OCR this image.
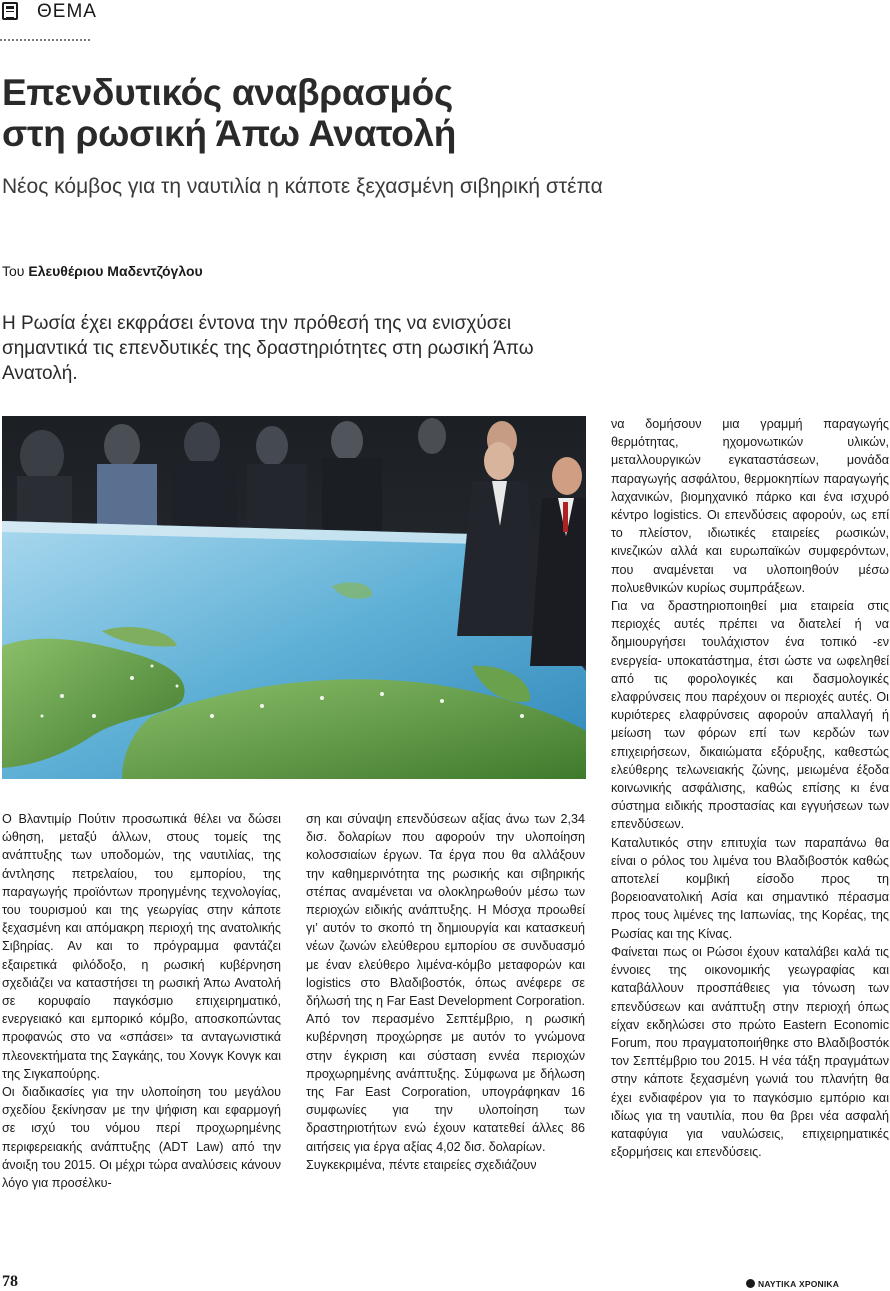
ΘΕΜΑ
Επενδυτικός αναβρασμός
στη ρωσική Άπω Ανατολή

Νέος κόμβος για τη ναυτιλία η κάποτε ξεχασμένη σιβηρική στέπα

Του Ελευθέριου Μαδεντζόγλου

Η Ρωσία έχει εκφράσει έντονα την πρόθεσή της να ενισχύσει σημαντικά τις επενδυτικές της δραστηριότητες στη ρωσική Άπω Ανατολή.

Ο Βλαντιμίρ Πούτιν προσωπικά θέλει να δώσει ώθηση, μεταξύ άλλων, στους τομείς της ανάπτυξης των υποδομών, της ναυτιλίας, της άντλησης πετρελαίου, του εμπορίου, της παραγωγής προϊόντων προηγμένης τεχνολογίας, του τουρισμού και της γεωργίας στην κάποτε ξεχασμένη και απόμακρη περιοχή της ανατολικής Σιβηρίας. Αν και το πρόγραμμα φαντάζει εξαιρετικά φιλόδοξο, η ρωσική κυβέρνηση σχεδιάζει να καταστήσει τη ρωσική Άπω Ανατολή σε κορυφαίο παγκόσμιο επιχειρηματικό, ενεργειακό και εμπορικό κόμβο, αποσκοπώντας προφανώς στο να «σπάσει» τα ανταγωνιστικά πλεονεκτήματα της Σαγκάης, του Χονγκ Κονγκ και της Σιγκαπούρης.

Οι διαδικασίες για την υλοποίηση του μεγάλου σχεδίου ξεκίνησαν με την ψήφιση και εφαρμογή σε ισχύ του νόμου περί προχωρημένης περιφερειακής ανάπτυξης (ADT Law) από την άνοιξη του 2015. Οι μέχρι τώρα αναλύσεις κάνουν λόγο για προσέλκυ-

ση και σύναψη επενδύσεων αξίας άνω των 2,34 δισ. δολαρίων που αφορούν την υλοποίηση κολοσσιαίων έργων. Τα έργα που θα αλλάξουν την καθημερινότητα της ρωσικής και σιβηρικής στέπας αναμένεται να ολοκληρωθούν μέσω των περιοχών ειδικής ανάπτυξης. Η Μόσχα προωθεί γι’ αυτόν το σκοπό τη δημιουργία και κατασκευή νέων ζωνών ελεύθερου εμπορίου σε συνδυασμό με έναν ελεύθερο λιμένα-κόμβο μεταφορών και logistics στο Βλαδιβοστόκ, όπως ανέφερε σε δήλωσή της η Far East Development Corporation. Από τον περασμένο Σεπτέμβριο, η ρωσική κυβέρνηση προχώρησε με αυτόν το γνώμονα στην έγκριση και σύσταση εννέα περιοχών προχωρημένης ανάπτυξης. Σύμφωνα με δήλωση της Far East Corporation, υπογράφηκαν 16 συμφωνίες για την υλοποίηση των δραστηριοτήτων ενώ έχουν κατατεθεί άλλες 86 αιτήσεις για έργα αξίας 4,02 δισ. δολαρίων.

Συγκεκριμένα, πέντε εταιρείες σχεδιάζουν

να δομήσουν μια γραμμή παραγωγής θερμότητας, ηχομονωτικών υλικών, μεταλλουργικών εγκαταστάσεων, μονάδα παραγωγής ασφάλτου, θερμοκηπίων παραγωγής λαχανικών, βιομηχανικό πάρκο και ένα ισχυρό κέντρο logistics. Οι επενδύσεις αφορούν, ως επί το πλείστον, ιδιωτικές εταιρείες ρωσικών, κινεζικών αλλά και ευρωπαϊκών συμφερόντων, που αναμένεται να υλοποιηθούν μέσω πολυεθνικών κυρίως συμπράξεων.

Για να δραστηριοποιηθεί μια εταιρεία στις περιοχές αυτές πρέπει να διατελεί ή να δημιουργήσει τουλάχιστον ένα τοπικό -εν ενεργεία- υποκατάστημα, έτσι ώστε να ωφεληθεί από τις φορολογικές και δασμολογικές ελαφρύνσεις που παρέχουν οι περιοχές αυτές. Οι κυριότερες ελαφρύνσεις αφορούν απαλλαγή ή μείωση των φόρων επί των κερδών των επιχειρήσεων, δικαιώματα εξόρυξης, καθεστώς ελεύθερης τελωνειακής ζώνης, μειωμένα έξοδα κοινωνικής ασφάλισης, καθώς επίσης κι ένα σύστημα ειδικής προστασίας και εγγυήσεων των επενδύσεων.

Καταλυτικός στην επιτυχία των παραπάνω θα είναι ο ρόλος του λιμένα του Βλαδιβοστόκ καθώς αποτελεί κομβική είσοδο προς τη βορειοανατολική Ασία και σημαντικό πέρασμα προς τους λιμένες της Ιαπωνίας, της Κορέας, της Ρωσίας και της Κίνας.

Φαίνεται πως οι Ρώσοι έχουν καταλάβει καλά τις έννοιες της οικονομικής γεωγραφίας και καταβάλλουν προσπάθειες για τόνωση των επενδύσεων και ανάπτυξη στην περιοχή όπως είχαν εκδηλώσει στο πρώτο Eastern Economic Forum, που πραγματοποιήθηκε στο Βλαδιβοστόκ τον Σεπτέμβριο του 2015. Η νέα τάξη πραγμάτων στην κάποτε ξεχασμένη γωνιά του πλανήτη θα έχει ενδιαφέρον για το παγκόσμιο εμπόριο και ιδίως για τη ναυτιλία, που θα βρει νέα ασφαλή καταφύγια για ναυλώσεις, επιχειρηματικές εξορμήσεις και επενδύσεις.

78	ΝΑΥΤΙΚΑ ΧΡΟΝΙΚΑ
